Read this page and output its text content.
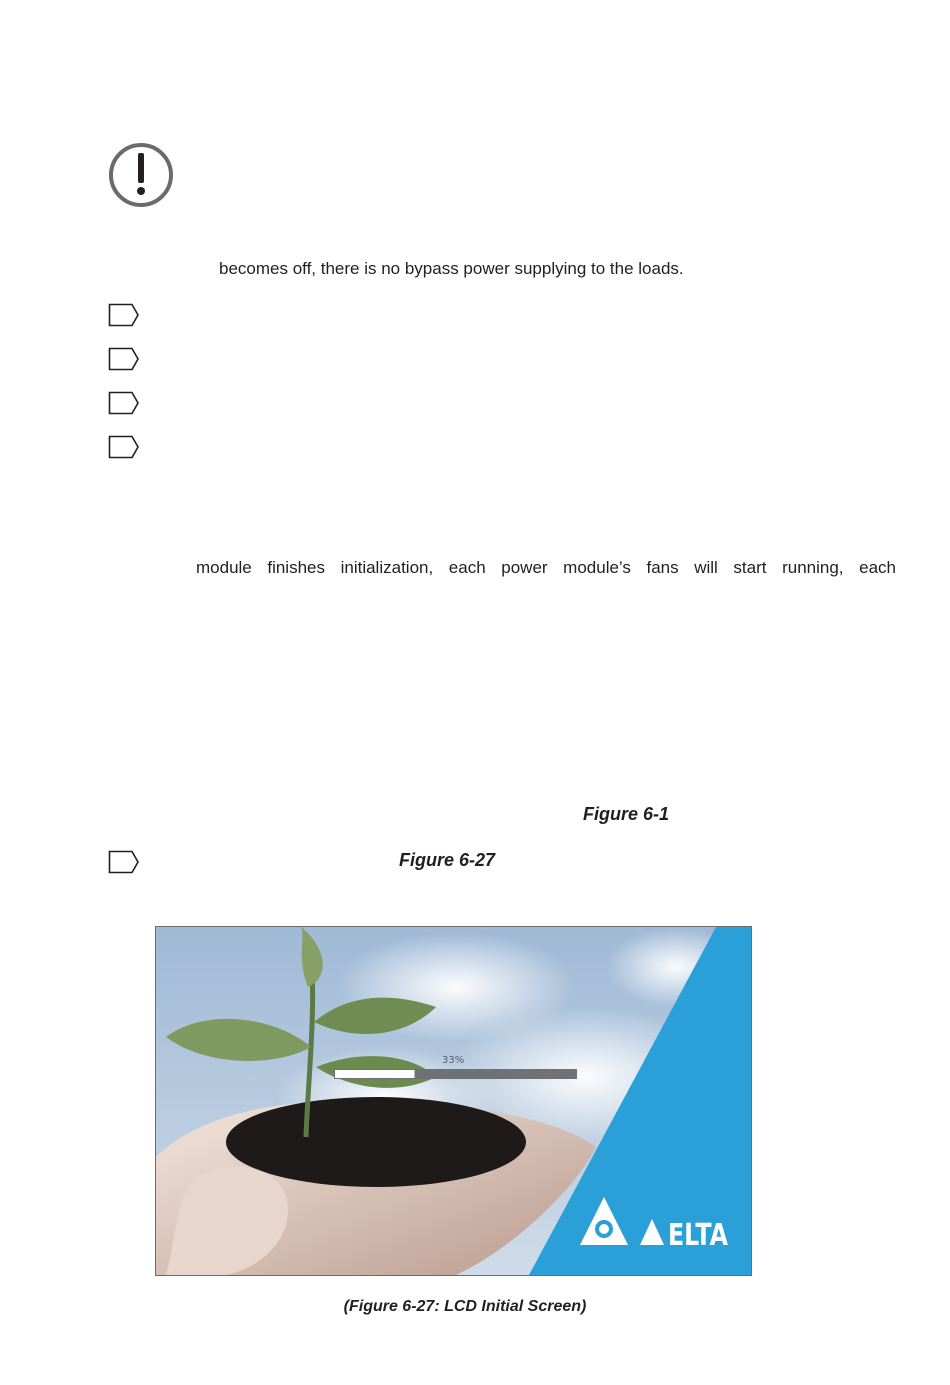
becomes off, there is no bypass power supplying to the loads.
module finishes initialization, each power module’s fans will start running, each
Figure 6-1
Figure 6-27
ELTA
33%
(Figure 6-27: LCD Initial Screen)
